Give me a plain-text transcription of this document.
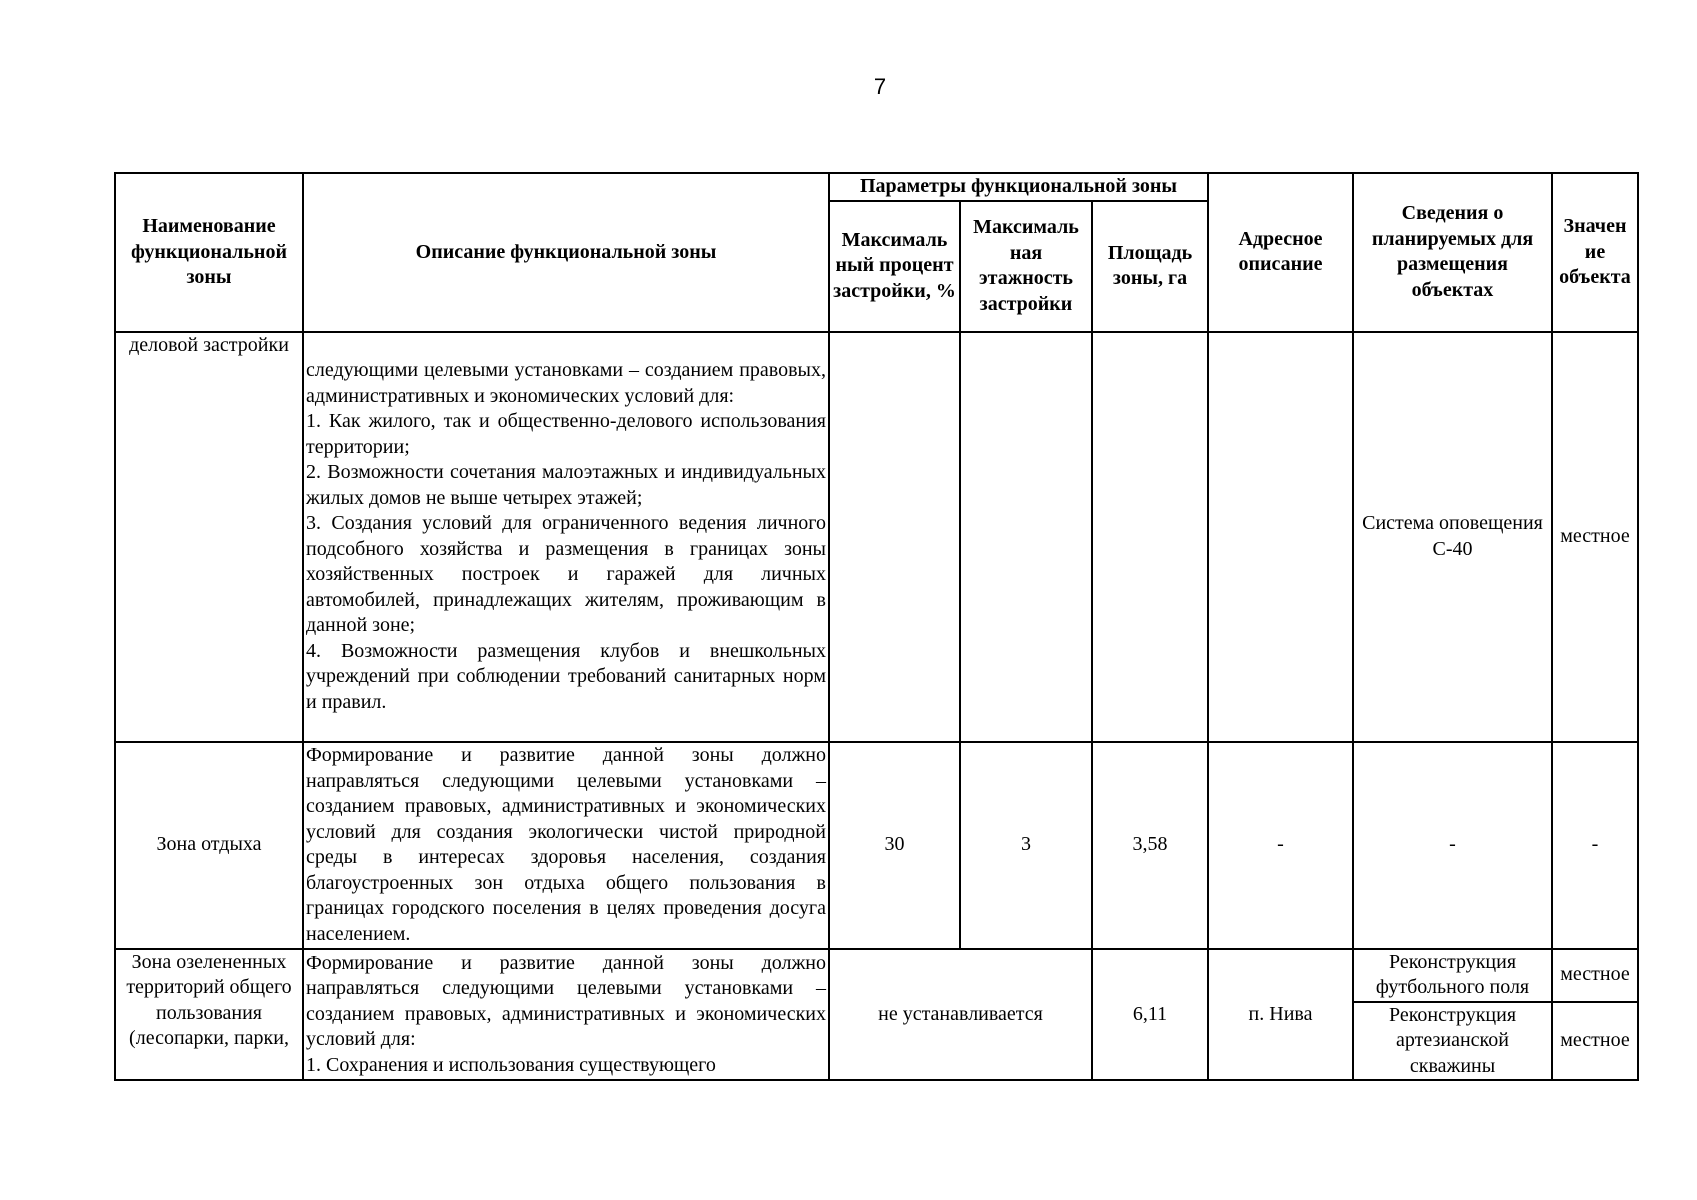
7
Наименование функциональной зоны	Описание функциональной зоны	Параметры функциональной зоны			Адресное описание	Сведения о планируемых для размещения объектах	Значен ие объекта
		Максималь ный процент застройки, %	Максималь ная этажность застройки	Площадь зоны, га			
деловой застройки	следующими целевыми установками – созданием правовых, административных и экономических условий для:
1. Как жилого, так и общественно-делового использования территории;
2. Возможности сочетания малоэтажных и индивидуальных жилых домов не выше четырех этажей;
3. Создания условий для ограниченного ведения личного подсобного хозяйства и размещения в границах зоны хозяйственных построек и гаражей для личных автомобилей, принадлежащих жителям, проживающим в данной зоне;
4. Возможности размещения клубов и внешкольных учреждений при соблюдении требований санитарных норм и правил.					Система оповещения С-40	местное
Зона отдыха	Формирование и развитие данной зоны должно направляться следующими целевыми установками – созданием правовых, административных и экономических условий для создания экологически чистой природной среды в интересах здоровья населения, создания благоустроенных зон отдыха общего пользования в границах городского поселения в целях проведения досуга населением.	30	3	3,58	-	-	-
Зона озелененных территорий общего пользования (лесопарки, парки,	Формирование и развитие данной зоны должно направляться следующими целевыми установками – созданием правовых, административных и экономических условий для:
1. Сохранения и использования существующего	не устанавливается		6,11	п. Нива	Реконструкция футбольного поля	местное
						Реконструкция артезианской скважины	местное
